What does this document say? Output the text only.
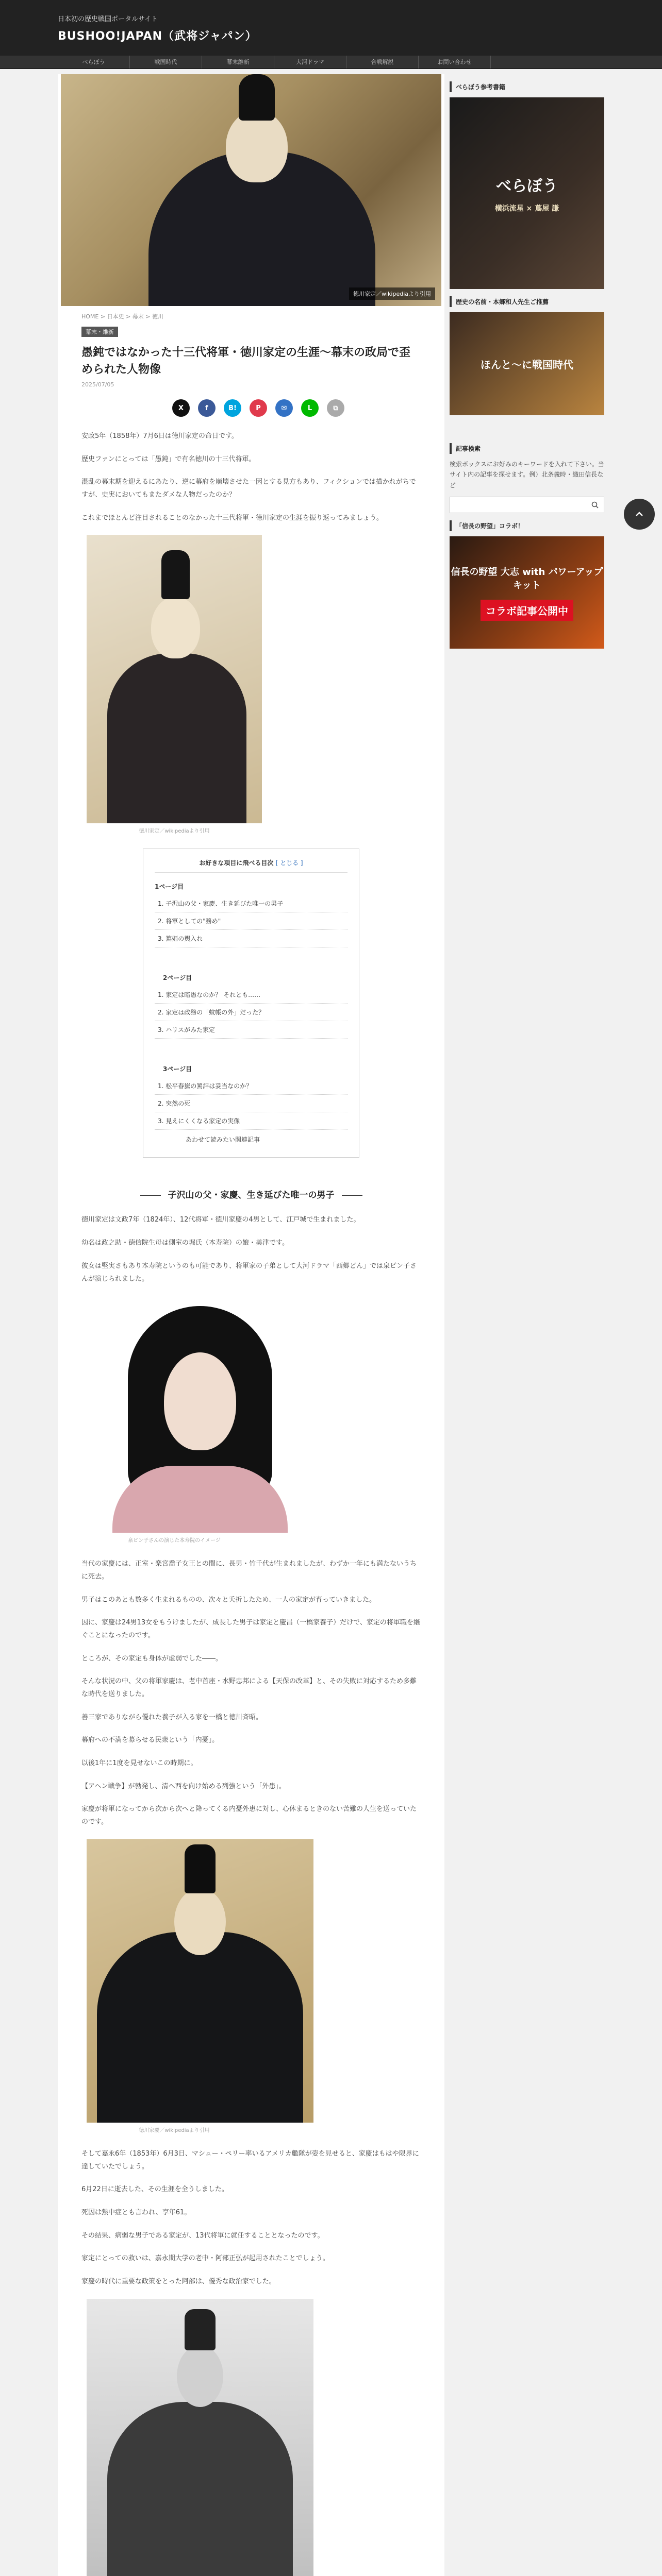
日本初の歴史戦国ポータルサイト
BUSHOO!JAPAN（武将ジャパン）
べらぼう	戦国時代	幕末維新	大河ドラマ	合戦解説	お問い合わせ
徳川家定／wikipediaより引用
HOME > 日本史 > 幕末 > 徳川
幕末・維新
愚鈍ではなかった十三代将軍・徳川家定の生涯～幕末の政局で歪められた人物像
2025/07/05
X	f	B!	P	✉	L	⧉

安政5年（1858年）7月6日は徳川家定の命日です。

歴史ファンにとっては「愚鈍」で有名徳川の十三代将軍。

混乱の幕末期を迎えるにあたり、逆に幕府を崩壊させた一因とする見方もあり、フィクションでは描かれがちですが、史実においてもまたダメな人物だったのか？

これまでほとんど注目されることのなかった十三代将軍・徳川家定の生涯を振り返ってみましょう。

徳川家定／wikipediaより引用
お好きな項目に飛べる目次 [ とじる ]
1ページ目
1. 子沢山の父・家慶、生き延びた唯一の男子
2. 将軍としての"務め"
3. 篤姫の輿入れ
2ページ目
1. 家定は暗愚なのか？ それとも……
2. 家定は政務の「蚊帳の外」だった？
3. ハリスがみた家定
3ページ目
1. 松平春嶽の罵評は妥当なのか？
2. 突然の死
3. 見えにくくなる家定の実像
あわせて読みたい関連記事
子沢山の父・家慶、生き延びた唯一の男子

徳川家定は文政7年（1824年）、12代将軍・徳川家慶の4男として、江戸城で生まれました。

幼名は政之助・徳信院生母は側室の堀氏（本寿院）の娘・美津です。

彼女は堅実さもあり本寿院というのも可能であり、将軍家の子弟として大河ドラマ「西郷どん」では泉ピン子さんが演じられました。

泉ピン子さんの演じた本寿院のイメージ

当代の家慶には、正室・楽宮喬子女王との間に、長男・竹千代が生まれましたが、わずか一年にも満たないうちに死去。

男子はこのあとも数多く生まれるものの、次々と夭折したため、一人の家定が育っていきました。

因に、家慶は24男13女をもうけましたが、成長した男子は家定と慶昌（一橋家養子）だけで、家定の将軍職を継ぐことになったのです。

ところが、その家定も身体が虚弱でした――。

そんな状況の中、父の将軍家慶は、老中首座・水野忠邦による【天保の改革】と、その失敗に対応するため多難な時代を送りました。

善三家でありながら優れた養子が入る家を一橋と徳川斉昭。

幕府への不満を募らせる民衆という「内憂」。

以後1年に1度を見せないこの時期に。

【アヘン戦争】が勃発し、清へ西を向け始める列強という「外患」。

家慶が将軍になってから次から次へと降ってくる内憂外患に対し、心休まるときのない苦難の人生を送っていたのです。

徳川家慶／wikipediaより引用

そして嘉永6年（1853年）6月3日、マシュー・ペリー率いるアメリカ艦隊が姿を見せると、家慶はもはや限界に達していたでしょう。

6月22日に逝去した、その生涯を全うしました。

死因は熱中症とも言われ、享年61。

その結果、病弱な男子である家定が、13代将軍に就任することとなったのです。

家定にとっての救いは、嘉永期大学の老中・阿部正弘が起用されたことでしょう。

家慶の時代に重要な政策をとった阿部は、優秀な政治家でした。

べらぼう参考書籍
べらぼう
横浜流星 × 蔦屋 謙
歴史の名前・本郷和人先生ご推薦
ほんと～に戦国時代
記事検索
検索ボックスにお好みのキーワードを入れて下さい。当サイト内の記事を探せます。例）北条義時・織田信長など
「信長の野望」コラボ！
信長の野望 大志 with パワーアップキット
コラボ記事公開中
